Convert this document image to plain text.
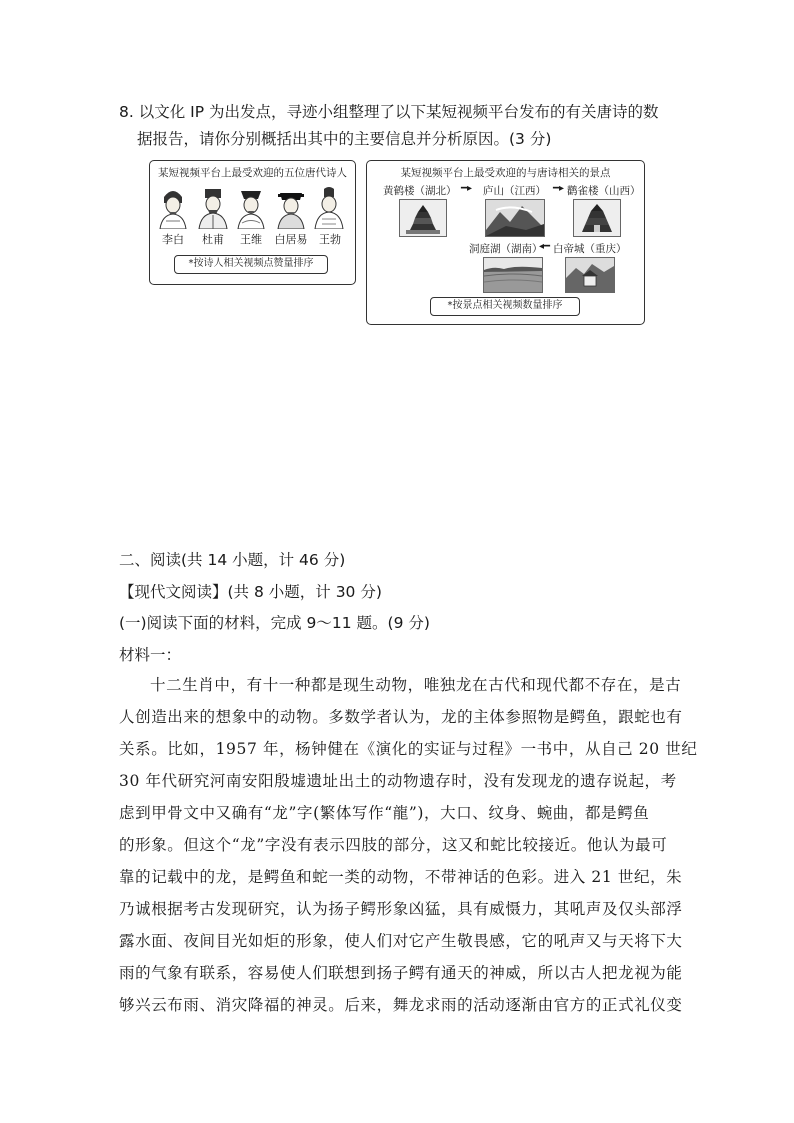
8. 以文化 IP 为出发点，寻迹小组整理了以下某短视频平台发布的有关唐诗的数
据报告，请你分别概括出其中的主要信息并分析原因。(3 分)
某短视频平台上最受欢迎的五位唐代诗人
李白	杜甫	王维	白居易	王勃
*按诗人相关视频点赞量排序
某短视频平台上最受欢迎的与唐诗相关的景点
黄鹤楼（湖北） ━▸ 庐山（江西） ━▸ 鹳雀楼（山西）
洞庭湖（湖南）
◂━ 白帝城（重庆）
*按景点相关视频数量排序
二、阅读(共 14 小题，计 46 分)
【现代文阅读】(共 8 小题，计 30 分)
(一)阅读下面的材料，完成 9～11 题。(9 分)
材料一：
十二生肖中，有十一种都是现生动物，唯独龙在古代和现代都不存在，是古
人创造出来的想象中的动物。多数学者认为，龙的主体参照物是鳄鱼，跟蛇也有
关系。比如，1957 年，杨钟健在《演化的实证与过程》一书中，从自己 20 世纪
30 年代研究河南安阳殷墟遗址出土的动物遗存时，没有发现龙的遗存说起，考
虑到甲骨文中又确有“龙”字(繁体写作“龍”)，大口、纹身、蜿曲，都是鳄鱼
的形象。但这个“龙”字没有表示四肢的部分，这又和蛇比较接近。他认为最可
靠的记载中的龙，是鳄鱼和蛇一类的动物，不带神话的色彩。进入 21 世纪，朱
乃诚根据考古发现研究，认为扬子鳄形象凶猛，具有威慑力，其吼声及仅头部浮
露水面、夜间目光如炬的形象，使人们对它产生敬畏感，它的吼声又与天将下大
雨的气象有联系，容易使人们联想到扬子鳄有通天的神威，所以古人把龙视为能
够兴云布雨、消灾降福的神灵。后来，舞龙求雨的活动逐渐由官方的正式礼仪变
